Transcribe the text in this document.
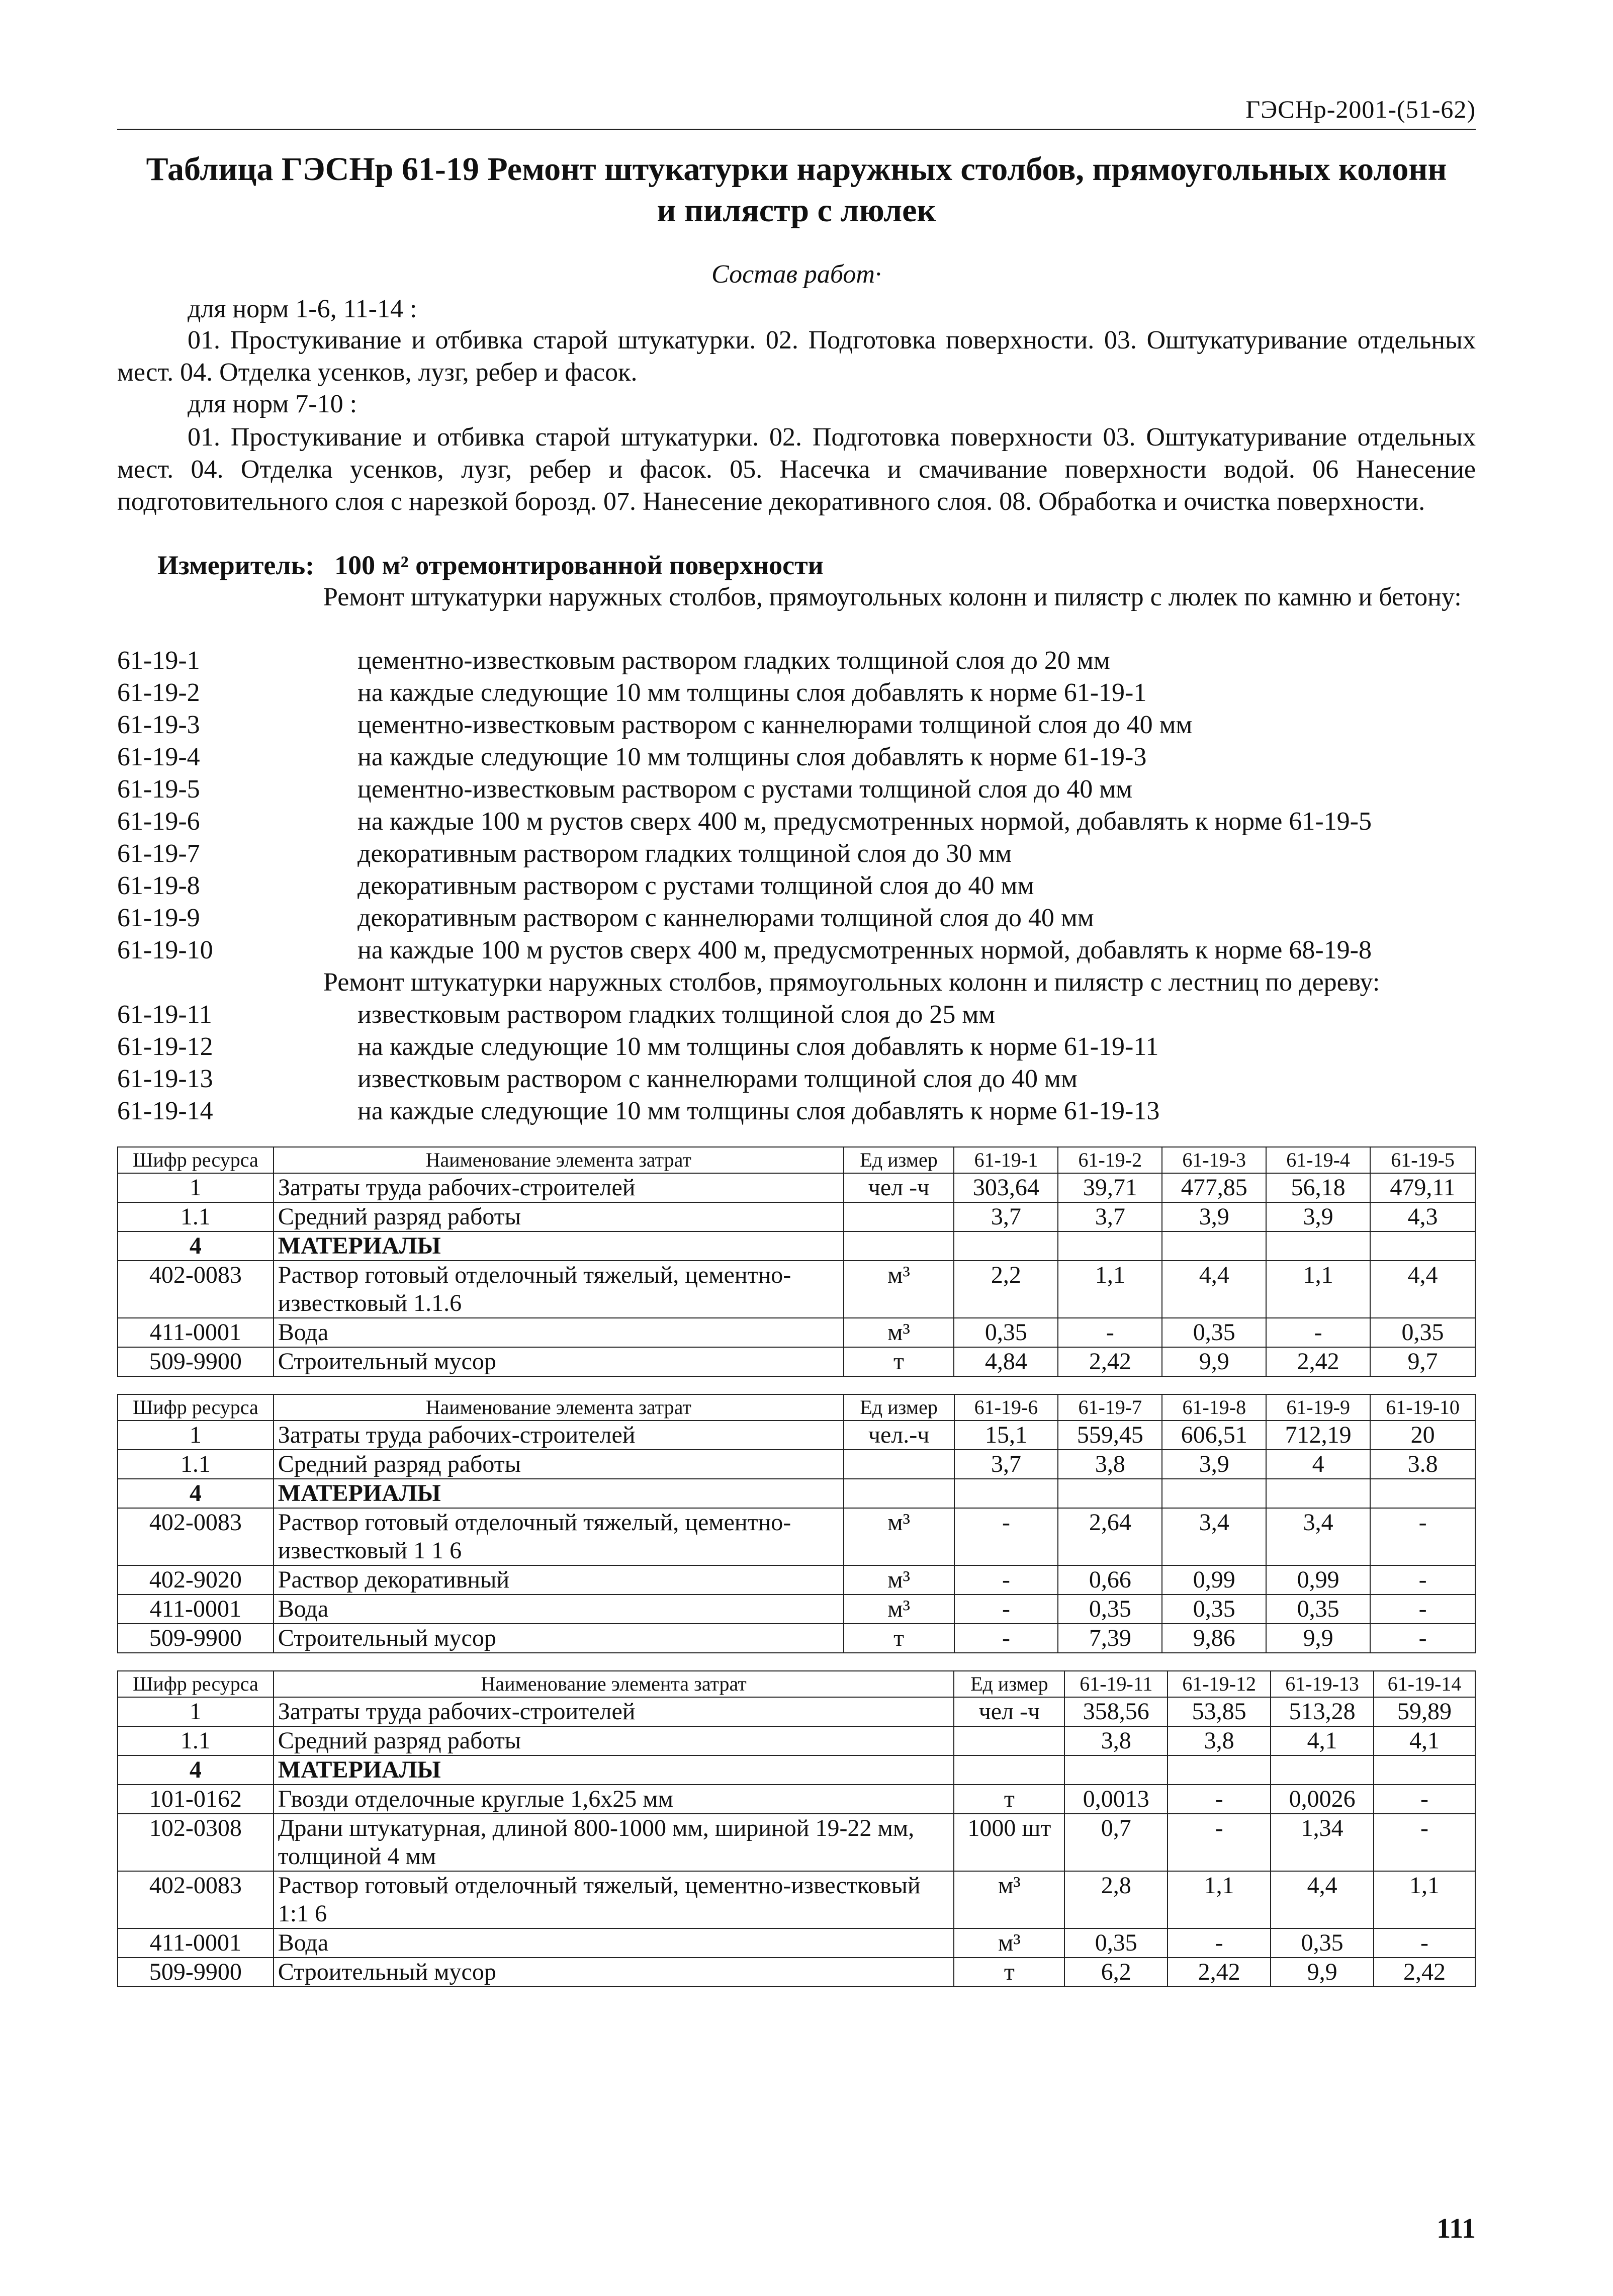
ГЭСНр-2001-(51-62)
Таблица ГЭСНр 61-19 Ремонт штукатурки наружных столбов, прямоугольных колонн
и пилястр с люлек
Состав работ·
для норм 1-6, 11-14 :
01. Простукивание и отбивка старой штукатурки. 02. Подготовка поверхности. 03. Оштукатуривание отдельных мест. 04. Отделка усенков, лузг, ребер и фасок.
для норм 7-10 :
01. Простукивание и отбивка старой штукатурки. 02. Подготовка поверхности 03. Оштукатуривание отдельных мест. 04. Отделка усенков, лузг, ребер и фасок. 05. Насечка и смачивание поверхности водой. 06 Нанесение подготовительного слоя с нарезкой борозд. 07. Нанесение декоративного слоя. 08. Обработка и очистка поверхности.
Измеритель: 100 м² отремонтированной поверхности
Ремонт штукатурки наружных столбов, прямоугольных колонн и пилястр с люлек по камню и бетону:
61-19-1	цементно-известковым раствором гладких толщиной слоя до 20 мм
61-19-2	на каждые следующие 10 мм толщины слоя добавлять к норме 61-19-1
61-19-3	цементно-известковым раствором с каннелюрами толщиной слоя до 40 мм
61-19-4	на каждые следующие 10 мм толщины слоя добавлять к норме 61-19-3
61-19-5	цементно-известковым раствором с рустами толщиной слоя до 40 мм
61-19-6	на каждые 100 м рустов сверх 400 м, предусмотренных нормой, добавлять к норме 61-19-5
61-19-7	декоративным раствором гладких толщиной слоя до 30 мм
61-19-8	декоративным раствором с рустами толщиной слоя до 40 мм
61-19-9	декоративным раствором с каннелюрами толщиной слоя до 40 мм
61-19-10	на каждые 100 м рустов сверх 400 м, предусмотренных нормой, добавлять к норме 68-19-8
Ремонт штукатурки наружных столбов, прямоугольных колонн и пилястр с лестниц по дереву:
61-19-11	известковым раствором гладких толщиной слоя до 25 мм
61-19-12	на каждые следующие 10 мм толщины слоя добавлять к норме 61-19-11
61-19-13	известковым раствором с каннелюрами толщиной слоя до 40 мм
61-19-14	на каждые следующие 10 мм толщины слоя добавлять к норме 61-19-13
Шифр ресурса	Наименование элемента затрат	Ед измер	61-19-1	61-19-2	61-19-3	61-19-4	61-19-5
1	Затраты труда рабочих-строителей	чел -ч	303,64	39,71	477,85	56,18	479,11
1.1	Средний разряд работы		3,7	3,7	3,9	3,9	4,3
4	МАТЕРИАЛЫ						
402-0083	Раствор готовый отделочный тяжелый, цементно-известковый 1.1.6	м³	2,2	1,1	4,4	1,1	4,4
411-0001	Вода	м³	0,35	-	0,35	-	0,35
509-9900	Строительный мусор	т	4,84	2,42	9,9	2,42	9,7
Шифр ресурса	Наименование элемента затрат	Ед измер	61-19-6	61-19-7	61-19-8	61-19-9	61-19-10
1	Затраты труда рабочих-строителей	чел.-ч	15,1	559,45	606,51	712,19	20
1.1	Средний разряд работы		3,7	3,8	3,9	4	3.8
4	МАТЕРИАЛЫ						
402-0083	Раствор готовый отделочный тяжелый, цементно-известковый 1 1 6	м³	-	2,64	3,4	3,4	-
402-9020	Раствор декоративный	м³	-	0,66	0,99	0,99	-
411-0001	Вода	м³	-	0,35	0,35	0,35	-
509-9900	Строительный мусор	т	-	7,39	9,86	9,9	-
Шифр ресурса	Наименование элемента затрат	Ед измер	61-19-11	61-19-12	61-19-13	61-19-14
1	Затраты труда рабочих-строителей	чел -ч	358,56	53,85	513,28	59,89
1.1	Средний разряд работы		3,8	3,8	4,1	4,1
4	МАТЕРИАЛЫ					
101-0162	Гвозди отделочные круглые 1,6x25 мм	т	0,0013	-	0,0026	-
102-0308	Драни штукатурная, длиной 800-1000 мм, шириной 19-22 мм, толщиной 4 мм	1000 шт	0,7	-	1,34	-
402-0083	Раствор готовый отделочный тяжелый, цементно-известковый 1:1 6	м³	2,8	1,1	4,4	1,1
411-0001	Вода	м³	0,35	-	0,35	-
509-9900	Строительный мусор	т	6,2	2,42	9,9	2,42
111
